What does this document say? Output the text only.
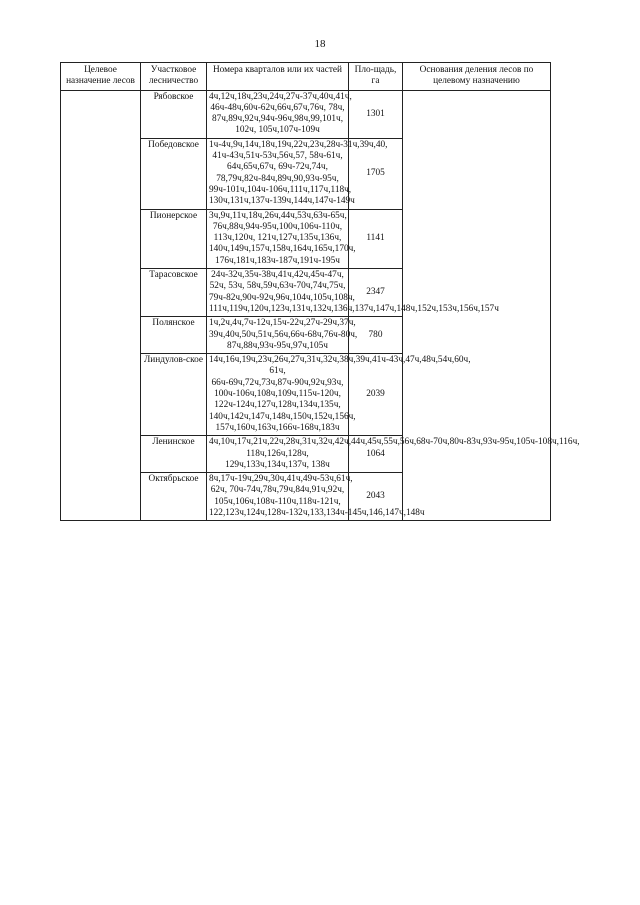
18
Целевое назначение лесов	Участковое лесничество	Номера кварталов или их частей	Пло-щадь, га	Основания деления лесов по целевому назначению
	Рябовское	4ч,12ч,18ч,23ч,24ч,27ч-37ч,40ч,41ч, 46ч-48ч,60ч-62ч,66ч,67ч,76ч, 78ч, 87ч,89ч,92ч,94ч-96ч,98ч,99,101ч, 102ч, 105ч,107ч-109ч	1301	
	Победовское	1ч-4ч,9ч,14ч,18ч,19ч,22ч,23ч,28ч-31ч,39ч,40, 41ч-43ч,51ч-53ч,56ч,57, 58ч-61ч, 64ч,65ч,67ч, 69ч-72ч,74ч, 78,79ч,82ч-84ч,89ч,90,93ч-95ч, 99ч-101ч,104ч-106ч,111ч,117ч,118ч, 130ч,131ч,137ч-139ч,144ч,147ч-149ч	1705	
	Пионерское	3ч,9ч,11ч,18ч,26ч,44ч,53ч,63ч-65ч, 76ч,88ч,94ч-95ч,100ч,106ч-110ч, 113ч,120ч, 121ч,127ч,135ч,136ч, 140ч,149ч,157ч,158ч,164ч,165ч,170ч, 176ч,181ч,183ч-187ч,191ч-195ч	1141	
	Тарасовское	24ч-32ч,35ч-38ч,41ч,42ч,45ч-47ч, 52ч, 53ч, 58ч,59ч,63ч-70ч,74ч,75ч, 79ч-82ч,90ч-92ч,96ч,104ч,105ч,108ч, 111ч,119ч,120ч,123ч,131ч,132ч,136ч,137ч,147ч,148ч,152ч,153ч,156ч,157ч	2347	
	Полянское	1ч,2ч,4ч,7ч-12ч,15ч-22ч,27ч-29ч,37ч, 39ч,40ч,50ч,51ч,56ч,66ч-68ч,76ч-80ч, 87ч,88ч,93ч-95ч,97ч,105ч	780	
	Линдулов-ское	14ч,16ч,19ч,23ч,26ч,27ч,31ч,32ч,38ч,39ч,41ч-43ч,47ч,48ч,54ч,60ч, 61ч, 66ч-69ч,72ч,73ч,87ч-90ч,92ч,93ч, 100ч-106ч,108ч,109ч,115ч-120ч, 122ч-124ч,127ч,128ч,134ч,135ч, 140ч,142ч,147ч,148ч,150ч,152ч,156ч, 157ч,160ч,163ч,166ч-168ч,183ч	2039	
	Ленинское	4ч,10ч,17ч,21ч,22ч,28ч,31ч,32ч,42ч,44ч,45ч,55ч,56ч,68ч-70ч,80ч-83ч,93ч-95ч,105ч-108ч,116ч, 118ч,126ч,128ч, 129ч,133ч,134ч,137ч, 138ч	1064	
	Октябрьское	8ч,17ч-19ч,29ч,30ч,41ч,49ч-53ч,61ч, 62ч, 70ч-74ч,78ч,79ч,84ч,91ч,92ч, 105ч,106ч,108ч-110ч,118ч-121ч, 122,123ч,124ч,128ч-132ч,133,134ч-145ч,146,147ч,148ч	2043	
